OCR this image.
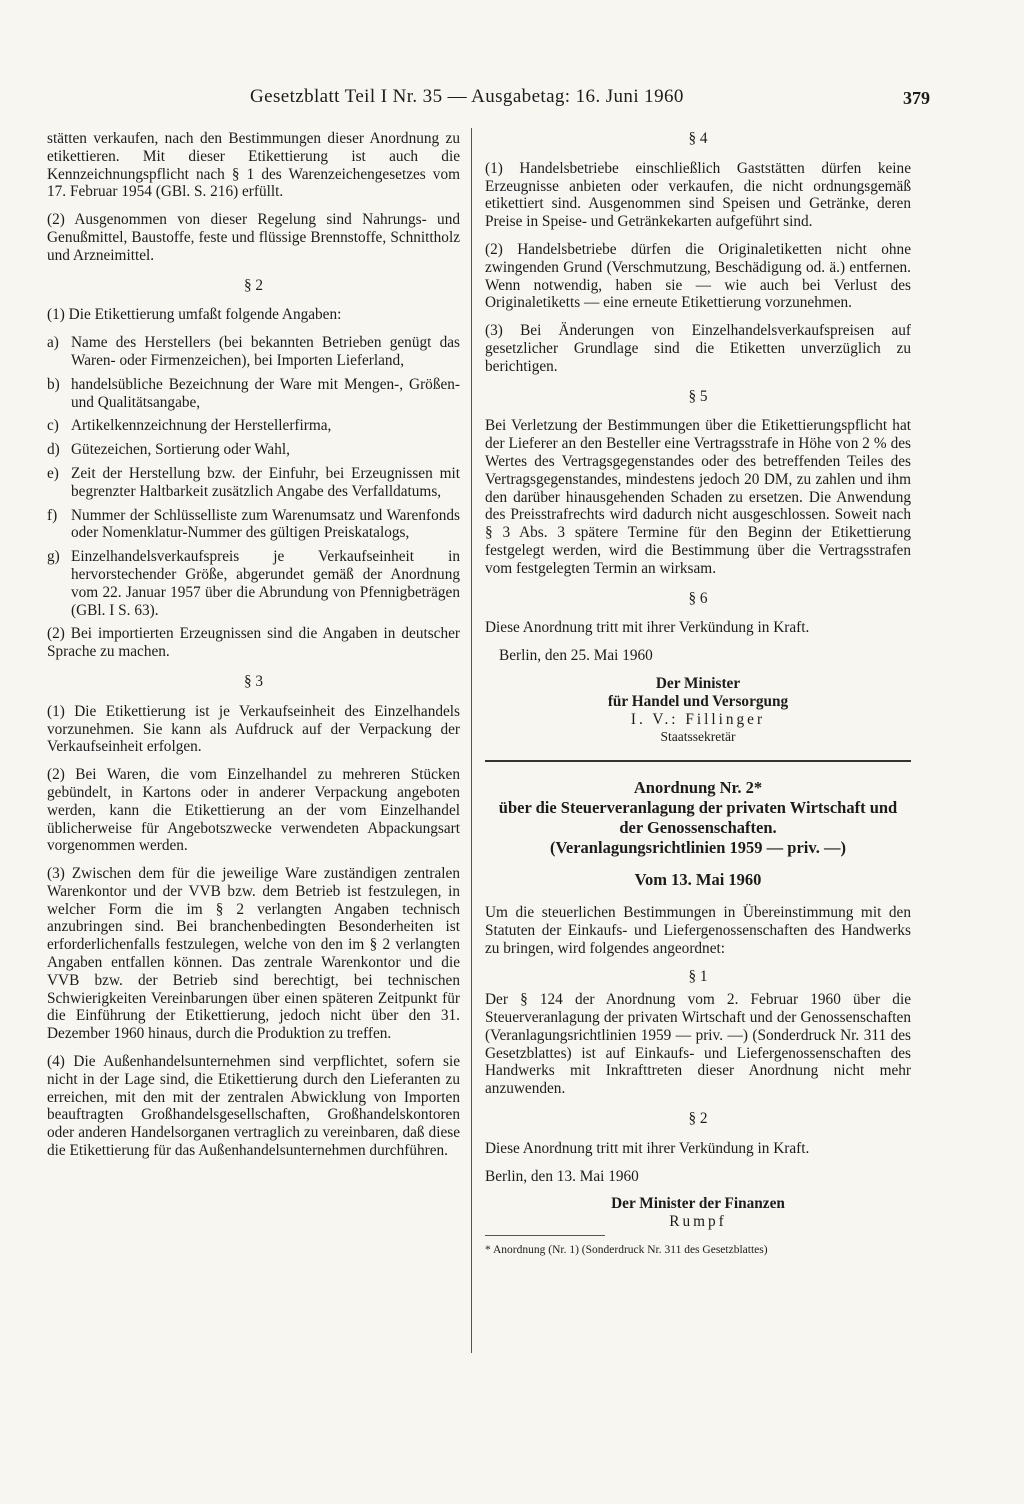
Gesetzblatt Teil I Nr. 35 — Ausgabetag: 16. Juni 1960	379

stätten verkaufen, nach den Bestimmungen dieser Anordnung zu etikettieren. Mit dieser Etikettierung ist auch die Kennzeichnungspflicht nach § 1 des Warenzeichengesetzes vom 17. Februar 1954 (GBl. S. 216) erfüllt.

(2) Ausgenommen von dieser Regelung sind Nahrungs- und Genußmittel, Baustoffe, feste und flüssige Brennstoffe, Schnittholz und Arzneimittel.

§ 2

(1) Die Etikettierung umfaßt folgende Angaben:

a) Name des Herstellers (bei bekannten Betrieben genügt das Waren- oder Firmenzeichen), bei Importen Lieferland,
b) handelsübliche Bezeichnung der Ware mit Mengen-, Größen- und Qualitätsangabe,
c) Artikelkennzeichnung der Herstellerfirma,
d) Gütezeichen, Sortierung oder Wahl,
e) Zeit der Herstellung bzw. der Einfuhr, bei Erzeugnissen mit begrenzter Haltbarkeit zusätzlich Angabe des Verfalldatums,
f) Nummer der Schlüsselliste zum Warenumsatz und Warenfonds oder Nomenklatur-Nummer des gültigen Preiskatalogs,
g) Einzelhandelsverkaufspreis je Verkaufseinheit in hervorstechender Größe, abgerundet gemäß der Anordnung vom 22. Januar 1957 über die Abrundung von Pfennigbeträgen (GBl. I S. 63).

(2) Bei importierten Erzeugnissen sind die Angaben in deutscher Sprache zu machen.

§ 3

(1) Die Etikettierung ist je Verkaufseinheit des Einzelhandels vorzunehmen. Sie kann als Aufdruck auf der Verpackung der Verkaufseinheit erfolgen.

(2) Bei Waren, die vom Einzelhandel zu mehreren Stücken gebündelt, in Kartons oder in anderer Verpackung angeboten werden, kann die Etikettierung an der vom Einzelhandel üblicherweise für Angebotszwecke verwendeten Abpackungsart vorgenommen werden.

(3) Zwischen dem für die jeweilige Ware zuständigen zentralen Warenkontor und der VVB bzw. dem Betrieb ist festzulegen, in welcher Form die im § 2 verlangten Angaben technisch anzubringen sind. Bei branchenbedingten Besonderheiten ist erforderlichenfalls festzulegen, welche von den im § 2 verlangten Angaben entfallen können. Das zentrale Warenkontor und die VVB bzw. der Betrieb sind berechtigt, bei technischen Schwierigkeiten Vereinbarungen über einen späteren Zeitpunkt für die Einführung der Etikettierung, jedoch nicht über den 31. Dezember 1960 hinaus, durch die Produktion zu treffen.

(4) Die Außenhandelsunternehmen sind verpflichtet, sofern sie nicht in der Lage sind, die Etikettierung durch den Lieferanten zu erreichen, mit den mit der zentralen Abwicklung von Importen beauftragten Großhandelsgesellschaften, Großhandelskontoren oder anderen Handelsorganen vertraglich zu vereinbaren, daß diese die Etikettierung für das Außenhandelsunternehmen durchführen.

§ 4

(1) Handelsbetriebe einschließlich Gaststätten dürfen keine Erzeugnisse anbieten oder verkaufen, die nicht ordnungsgemäß etikettiert sind. Ausgenommen sind Speisen und Getränke, deren Preise in Speise- und Getränkekarten aufgeführt sind.

(2) Handelsbetriebe dürfen die Originaletiketten nicht ohne zwingenden Grund (Verschmutzung, Beschädigung od. ä.) entfernen. Wenn notwendig, haben sie — wie auch bei Verlust des Originaletiketts — eine erneute Etikettierung vorzunehmen.

(3) Bei Änderungen von Einzelhandelsverkaufspreisen auf gesetzlicher Grundlage sind die Etiketten unverzüglich zu berichtigen.

§ 5

Bei Verletzung der Bestimmungen über die Etikettierungspflicht hat der Lieferer an den Besteller eine Vertragsstrafe in Höhe von 2 % des Wertes des Vertragsgegenstandes oder des betreffenden Teiles des Vertragsgegenstandes, mindestens jedoch 20 DM, zu zahlen und ihm den darüber hinausgehenden Schaden zu ersetzen. Die Anwendung des Preisstrafrechts wird dadurch nicht ausgeschlossen. Soweit nach § 3 Abs. 3 spätere Termine für den Beginn der Etikettierung festgelegt werden, wird die Bestimmung über die Vertragsstrafen vom festgelegten Termin an wirksam.

§ 6

Diese Anordnung tritt mit ihrer Verkündung in Kraft.

Berlin, den 25. Mai 1960

Der Minister
für Handel und Versorgung
I. V.: Fillinger
Staatssekretär
Anordnung Nr. 2*
über die Steuerveranlagung der privaten Wirtschaft und der Genossenschaften.
(Veranlagungsrichtlinien 1959 — priv. —)
Vom 13. Mai 1960

Um die steuerlichen Bestimmungen in Übereinstimmung mit den Statuten der Einkaufs- und Liefergenossenschaften des Handwerks zu bringen, wird folgendes angeordnet:

§ 1

Der § 124 der Anordnung vom 2. Februar 1960 über die Steuerveranlagung der privaten Wirtschaft und der Genossenschaften (Veranlagungsrichtlinien 1959 — priv. —) (Sonderdruck Nr. 311 des Gesetzblattes) ist auf Einkaufs- und Liefergenossenschaften des Handwerks mit Inkrafttreten dieser Anordnung nicht mehr anzuwenden.

§ 2

Diese Anordnung tritt mit ihrer Verkündung in Kraft.

Berlin, den 13. Mai 1960

Der Minister der Finanzen
Rumpf
* Anordnung (Nr. 1) (Sonderdruck Nr. 311 des Gesetzblattes)
